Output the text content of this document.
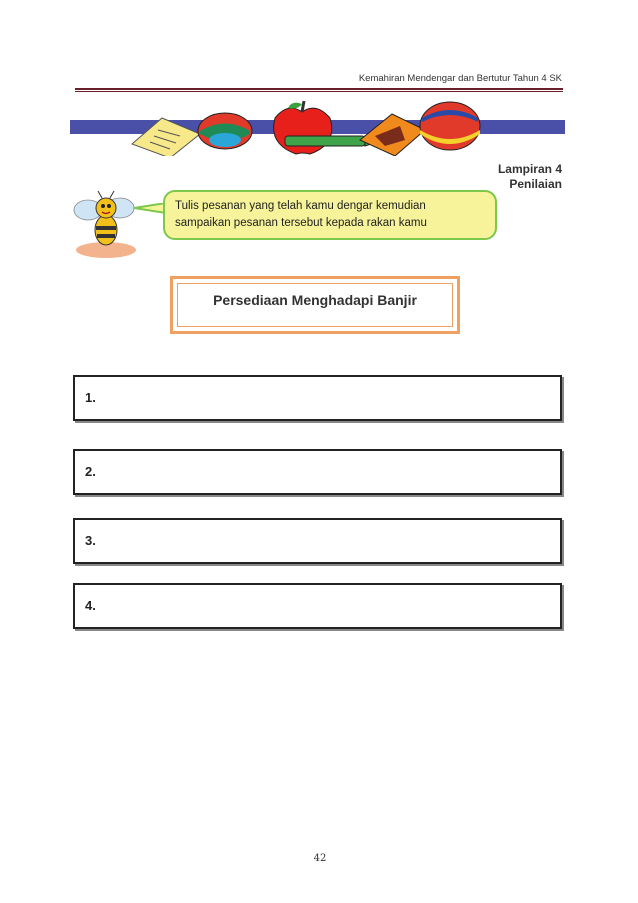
Kemahiran Mendengar dan Bertutur Tahun 4 SK
Lampiran 4
Penilaian
Tulis pesanan yang telah kamu dengar kemudian
sampaikan pesanan tersebut kepada rakan kamu
Persediaan Menghadapi Banjir
1.
2.
3.
4.
42
